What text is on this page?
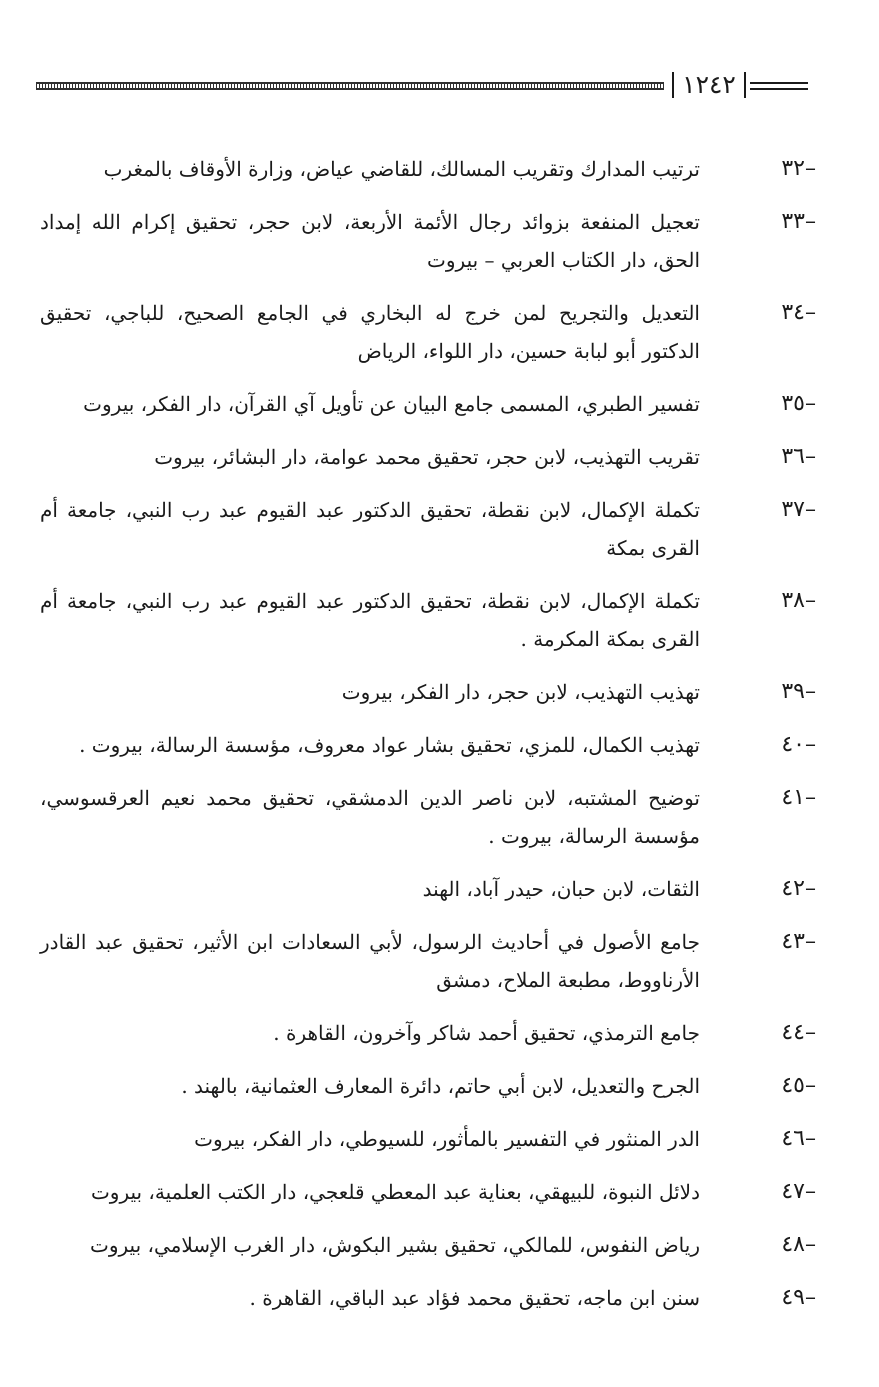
١٢٤٢
–٣٢
ترتيب المدارك وتقريب المسالك، للقاضي عياض، وزارة الأوقاف بالمغرب
–٣٣
تعجيل المنفعة بزوائد رجال الأئمة الأربعة، لابن حجر، تحقيق إكرام الله إمداد الحق، دار الكتاب العربي – بيروت
–٣٤
التعديل والتجريح لمن خرج له البخاري في الجامع الصحيح، للباجي، تحقيق الدكتور أبو لبابة حسين، دار اللواء، الرياض
–٣٥
تفسير الطبري، المسمى جامع البيان عن تأويل آي القرآن، دار الفكر، بيروت
–٣٦
تقريب التهذيب، لابن حجر، تحقيق محمد عوامة، دار البشائر، بيروت
–٣٧
تكملة الإكمال، لابن نقطة، تحقيق الدكتور عبد القيوم عبد رب النبي، جامعة أم القرى بمكة
–٣٨
تكملة الإكمال، لابن نقطة، تحقيق الدكتور عبد القيوم عبد رب النبي، جامعة أم القرى بمكة المكرمة .
–٣٩
تهذيب التهذيب، لابن حجر، دار الفكر، بيروت
–٤٠
تهذيب الكمال، للمزي، تحقيق بشار عواد معروف، مؤسسة الرسالة، بيروت .
–٤١
توضيح المشتبه، لابن ناصر الدين الدمشقي، تحقيق محمد نعيم العرقسوسي، مؤسسة الرسالة، بيروت .
–٤٢
الثقات، لابن حبان، حيدر آباد، الهند
–٤٣
جامع الأصول في أحاديث الرسول، لأبي السعادات ابن الأثير، تحقيق عبد القادر الأرناووط، مطبعة الملاح، دمشق
–٤٤
جامع الترمذي، تحقيق أحمد شاكر وآخرون، القاهرة .
–٤٥
الجرح والتعديل، لابن أبي حاتم، دائرة المعارف العثمانية، بالهند .
–٤٦
الدر المنثور في التفسير بالمأثور، للسيوطي، دار الفكر، بيروت
–٤٧
دلائل النبوة، للبيهقي، بعناية عبد المعطي قلعجي، دار الكتب العلمية، بيروت
–٤٨
رياض النفوس، للمالكي، تحقيق بشير البكوش، دار الغرب الإسلامي، بيروت
–٤٩
سنن ابن ماجه، تحقيق محمد فؤاد عبد الباقي، القاهرة .
